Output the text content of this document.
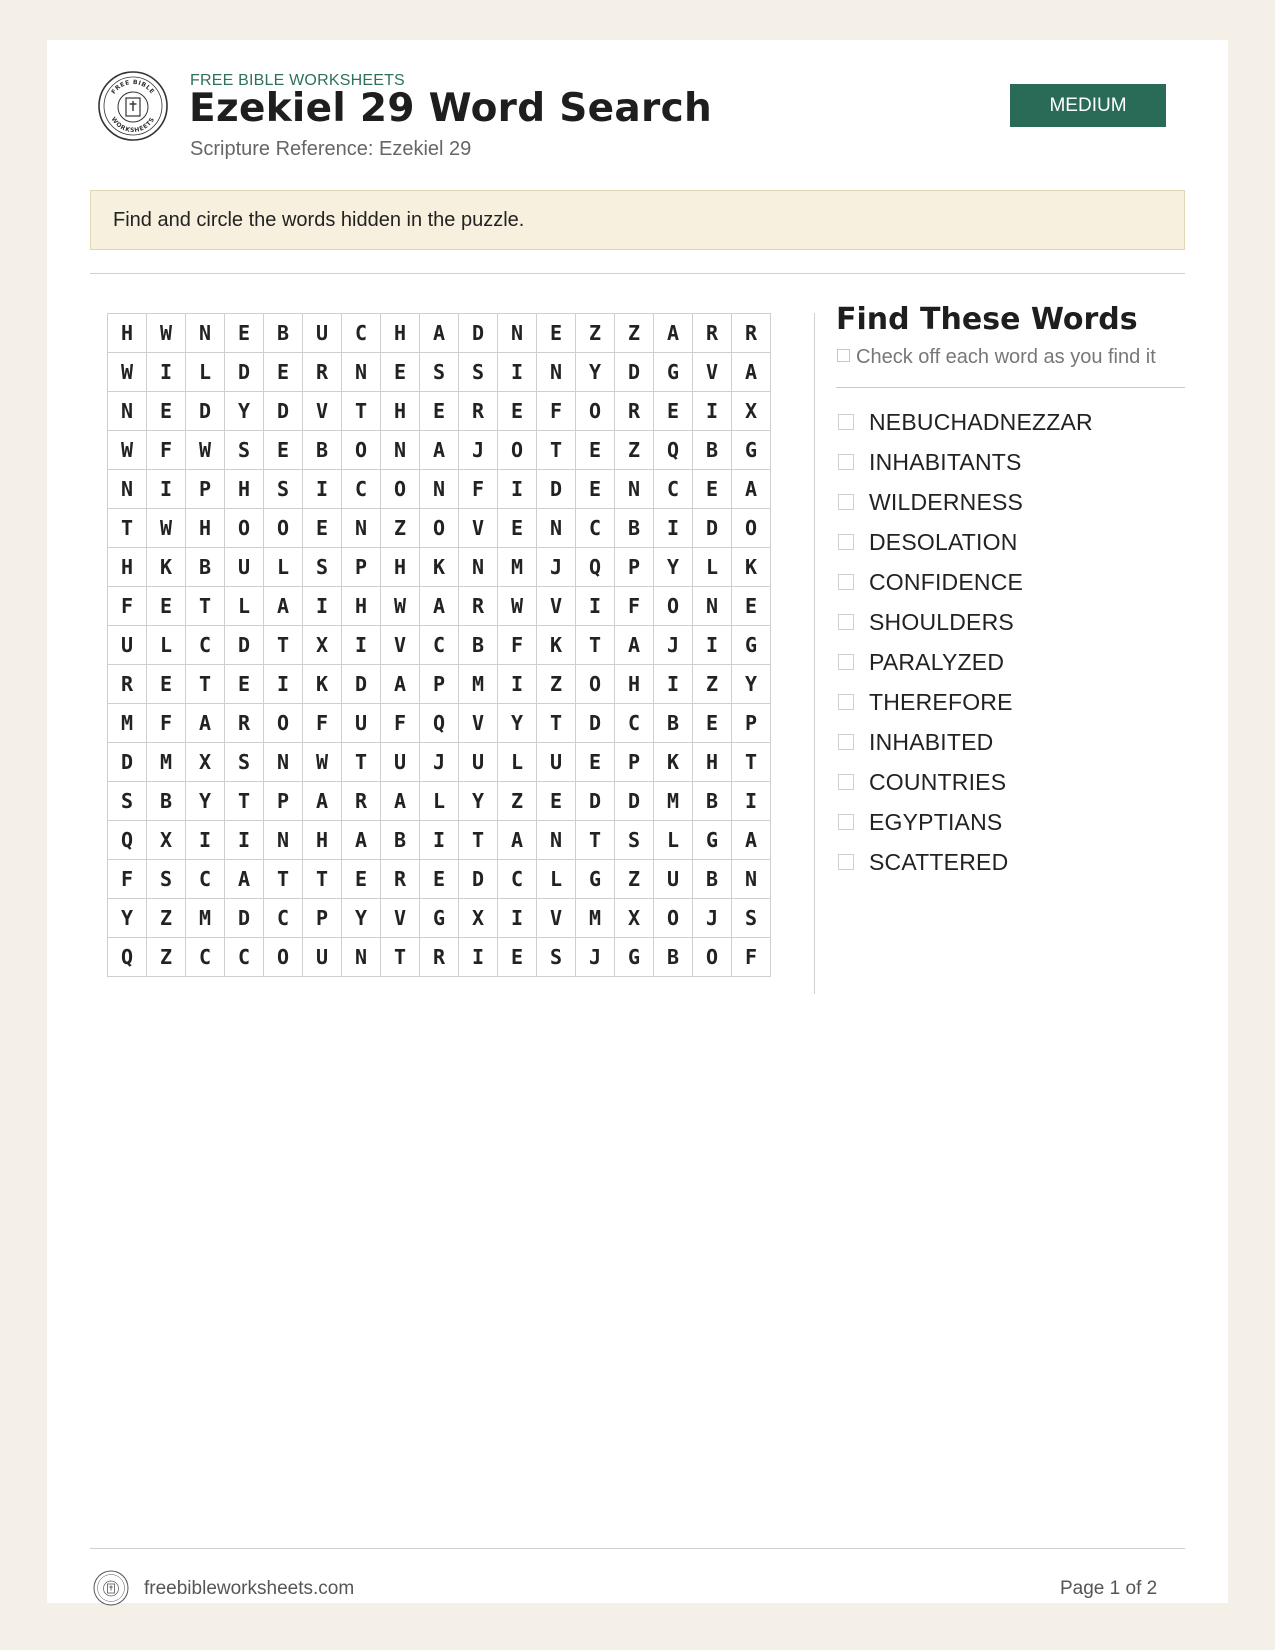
FREE BIBLE
WORKSHEETS
FREE BIBLE WORKSHEETS
Ezekiel 29 Word Search
Scripture Reference: Ezekiel 29
MEDIUM
Find and circle the words hidden in the puzzle.
H	W	N	E	B	U	C	H	A	D	N	E	Z	Z	A	R	R
W	I	L	D	E	R	N	E	S	S	I	N	Y	D	G	V	A
N	E	D	Y	D	V	T	H	E	R	E	F	O	R	E	I	X
W	F	W	S	E	B	O	N	A	J	O	T	E	Z	Q	B	G
N	I	P	H	S	I	C	O	N	F	I	D	E	N	C	E	A
T	W	H	O	O	E	N	Z	O	V	E	N	C	B	I	D	O
H	K	B	U	L	S	P	H	K	N	M	J	Q	P	Y	L	K
F	E	T	L	A	I	H	W	A	R	W	V	I	F	O	N	E
U	L	C	D	T	X	I	V	C	B	F	K	T	A	J	I	G
R	E	T	E	I	K	D	A	P	M	I	Z	O	H	I	Z	Y
M	F	A	R	O	F	U	F	Q	V	Y	T	D	C	B	E	P
D	M	X	S	N	W	T	U	J	U	L	U	E	P	K	H	T
S	B	Y	T	P	A	R	A	L	Y	Z	E	D	D	M	B	I
Q	X	I	I	N	H	A	B	I	T	A	N	T	S	L	G	A
F	S	C	A	T	T	E	R	E	D	C	L	G	Z	U	B	N
Y	Z	M	D	C	P	Y	V	G	X	I	V	M	X	O	J	S
Q	Z	C	C	O	U	N	T	R	I	E	S	J	G	B	O	F
Find These Words
Check off each word as you find it
NEBUCHADNEZZAR
INHABITANTS
WILDERNESS
DESOLATION
CONFIDENCE
SHOULDERS
PARALYZED
THEREFORE
INHABITED
COUNTRIES
EGYPTIANS
SCATTERED
freebibleworksheets.com	Page 1 of 2
